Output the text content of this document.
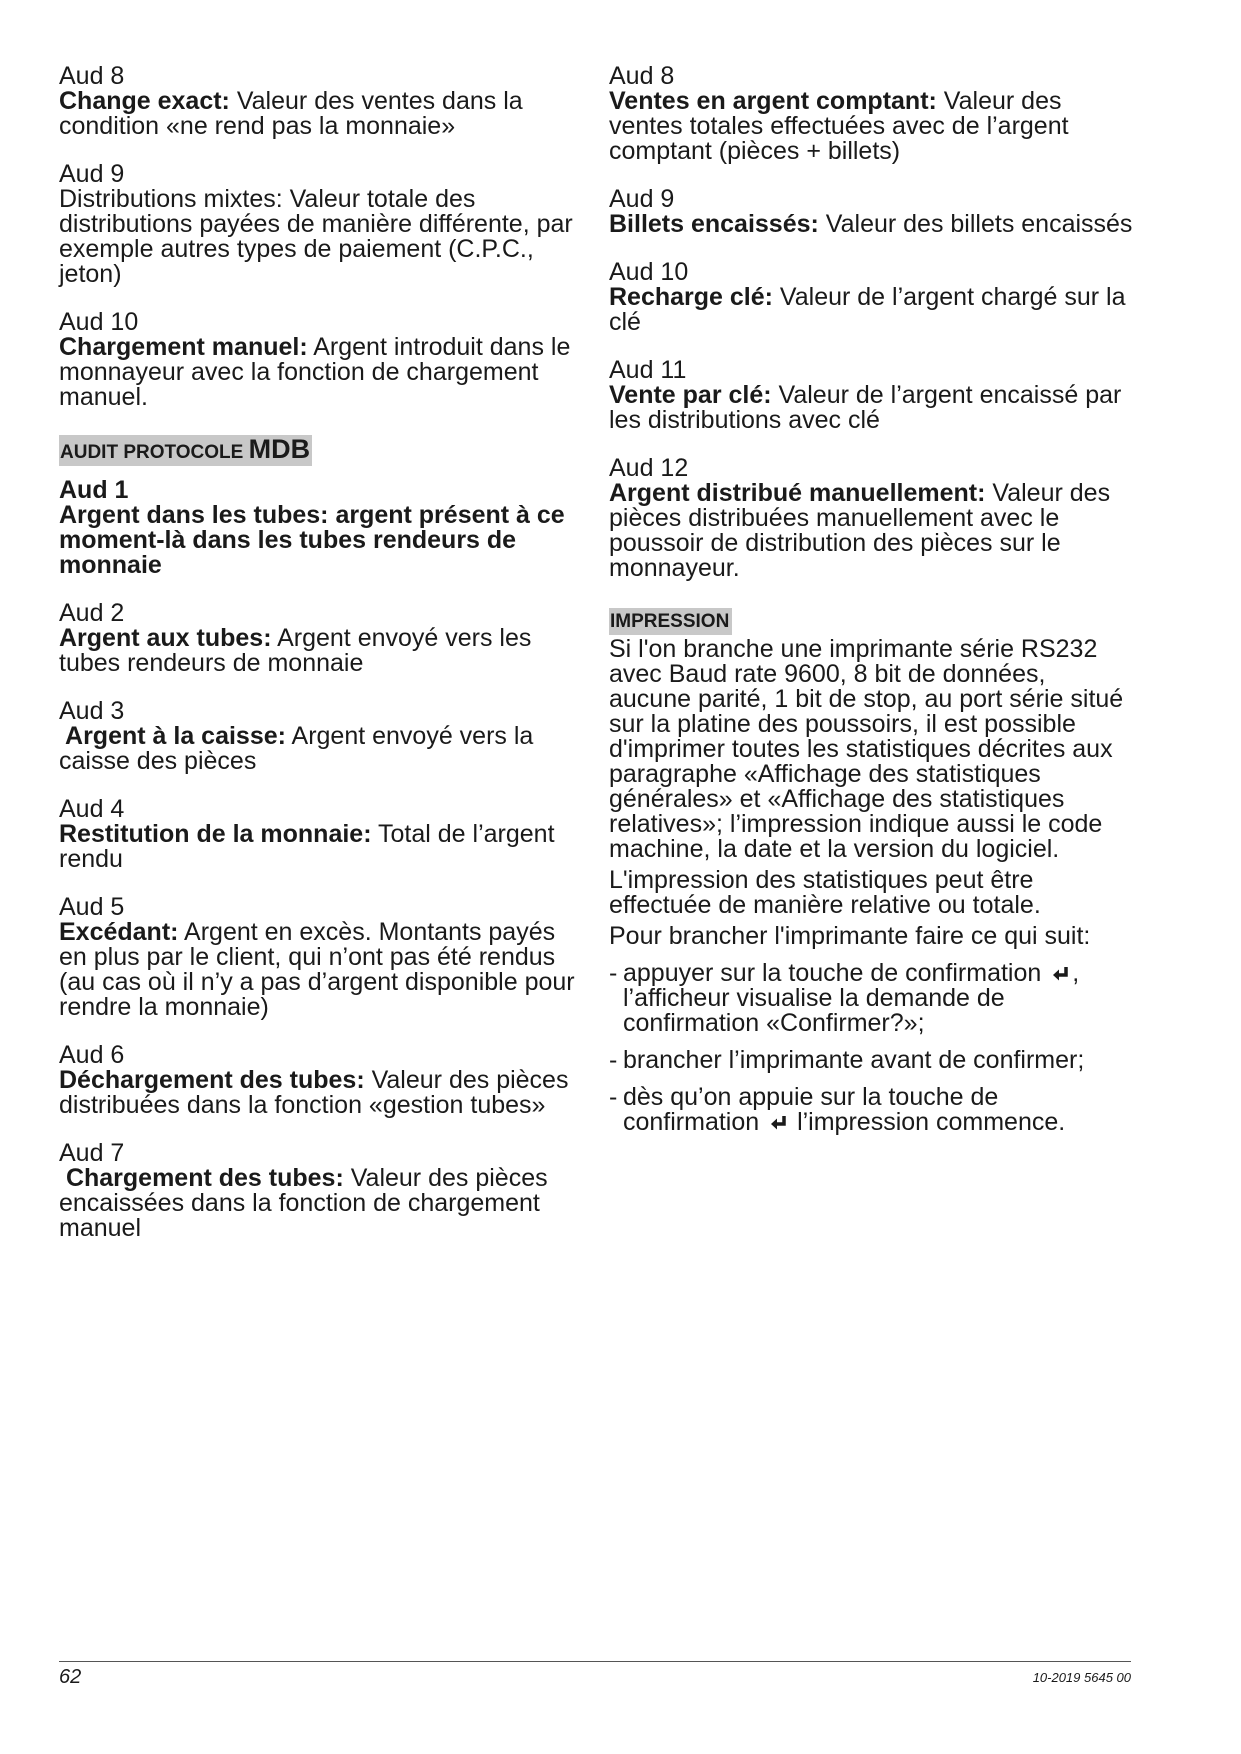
Aud 8
Change exact: Valeur des ventes dans la condition «ne rend pas la monnaie»
Aud 9
Distributions mixtes: Valeur totale des distributions payées de manière différente, par exemple autres types de paiement (C.P.C., jeton)
Aud 10
Chargement manuel: Argent introduit dans le monnayeur avec la fonction de chargement manuel.
AUDIT PROTOCOLE MDB
Aud 1
Argent dans les tubes: argent présent à ce moment-là dans les tubes rendeurs de monnaie
Aud 2
Argent aux tubes: Argent envoyé vers les tubes rendeurs de monnaie
Aud 3
Argent à la caisse: Argent envoyé vers la caisse des pièces
Aud 4
Restitution de la monnaie: Total de l’argent rendu
Aud 5
Excédant: Argent en excès. Montants payés en plus par le client, qui n’ont pas été rendus (au cas où il n’y a pas d’argent disponible pour rendre la monnaie)
Aud 6
Déchargement des tubes: Valeur des pièces distribuées dans la fonction «gestion tubes»
Aud 7
Chargement des tubes: Valeur des pièces encaissées dans la fonction de chargement manuel
Aud 8
Ventes en argent comptant: Valeur des ventes totales effectuées avec de l’argent comptant (pièces + billets)
Aud 9
Billets encaissés: Valeur des billets encaissés
Aud 10
Recharge clé: Valeur de l’argent chargé sur la clé
Aud 11
Vente par clé: Valeur de l’argent encaissé par les distributions avec clé
Aud 12
Argent distribué manuellement: Valeur des pièces distribuées manuellement avec le poussoir de distribution des pièces sur le monnayeur.
IMPRESSION
Si l'on branche une imprimante série RS232 avec Baud rate 9600, 8 bit de données, aucune parité, 1 bit de stop, au port série situé sur la platine des poussoirs, il est possible d'imprimer toutes les statistiques décrites aux paragraphe «Affichage des statistiques générales» et «Affichage des statistiques relatives»; l’impression indique aussi le code machine, la date et la version du logiciel.
L'impression des statistiques peut être effectuée de manière relative ou totale.
Pour brancher l'imprimante faire ce qui suit:
- appuyer sur la touche de confirmation , l’afficheur visualise la demande de confirmation «Confirmer?»;
- brancher l’imprimante avant de confirmer;
- dès qu’on appuie sur la touche de confirmation  l’impression commence.
62	10-2019 5645 00
